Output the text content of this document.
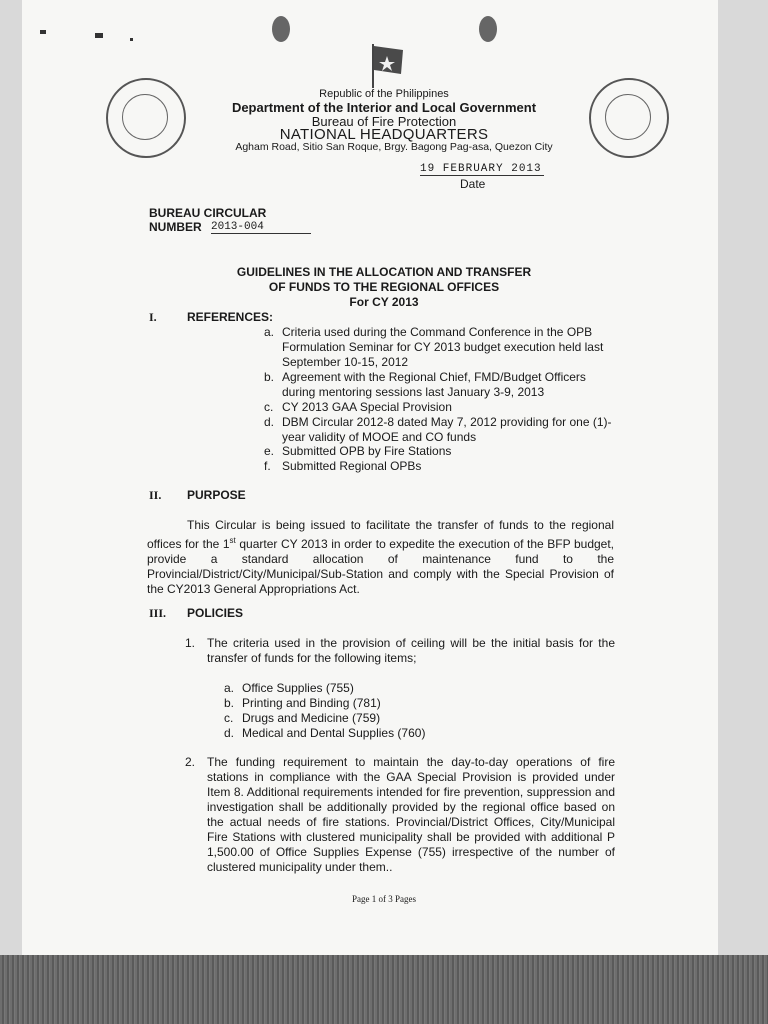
Republic of the Philippines
Department of the Interior and Local Government
Bureau of Fire Protection
NATIONAL HEADQUARTERS
Agham Road, Sitio San Roque, Brgy. Bagong Pag-asa, Quezon City
19 FEBRUARY 2013
Date
BUREAU CIRCULAR
NUMBER 2013-004
GUIDELINES IN THE ALLOCATION AND TRANSFER
OF FUNDS TO THE REGIONAL OFFICES
For CY 2013
I.	REFERENCES:
a. Criteria used during the Command Conference in the OPB Formulation Seminar for CY 2013 budget execution held last September 10-15, 2012
b. Agreement with the Regional Chief, FMD/Budget Officers during mentoring sessions last January 3-9, 2013
c. CY 2013 GAA Special Provision
d. DBM Circular 2012-8 dated May 7, 2012 providing for one (1)-year validity of MOOE and CO funds
e. Submitted OPB by Fire Stations
f. Submitted Regional OPBs
II. PURPOSE
This Circular is being issued to facilitate the transfer of funds to the regional offices for the 1st quarter CY 2013 in order to expedite the execution of the BFP budget, provide a standard allocation of maintenance fund to the Provincial/District/City/Municipal/Sub-Station and comply with the Special Provision of the CY2013 General Appropriations Act.
III. POLICIES
1. The criteria used in the provision of ceiling will be the initial basis for the transfer of funds for the following items;
a. Office Supplies (755)
b. Printing and Binding (781)
c. Drugs and Medicine (759)
d. Medical and Dental Supplies (760)
2. The funding requirement to maintain the day-to-day operations of fire stations in compliance with the GAA Special Provision is provided under Item 8. Additional requirements intended for fire prevention, suppression and investigation shall be additionally provided by the regional office based on the actual needs of fire stations. Provincial/District Offices, City/Municipal Fire Stations with clustered municipality shall be provided with additional P 1,500.00 of Office Supplies Expense (755) irrespective of the number of clustered municipality under them..
Page 1 of 3 Pages
